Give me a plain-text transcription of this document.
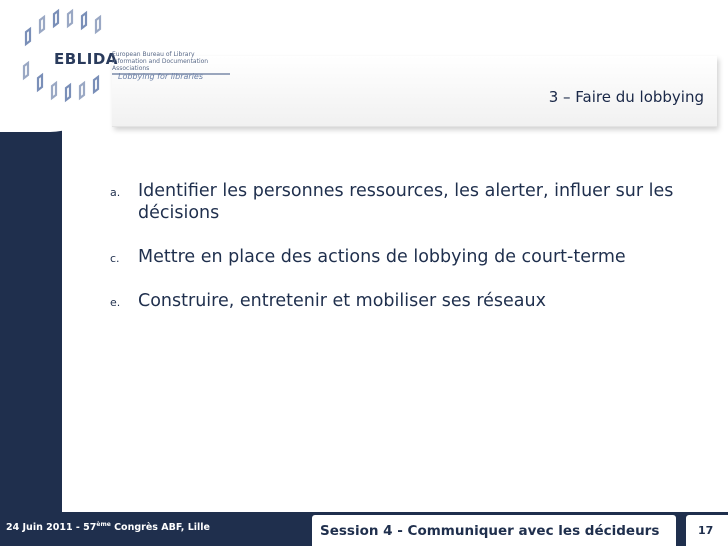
EBLIDA
European Bureau of Library Information and Documentation Associations
Lobbying for libraries
3 – Faire du lobbying
a. Identifier les personnes ressources, les alerter, influer sur les décisions
c. Mettre en place des actions de lobbying de court-terme
e. Construire, entretenir et mobiliser ses réseaux
24 Juin 2011 - 57ème Congrès ABF, Lille	Session 4 - Communiquer avec les décideurs	17
